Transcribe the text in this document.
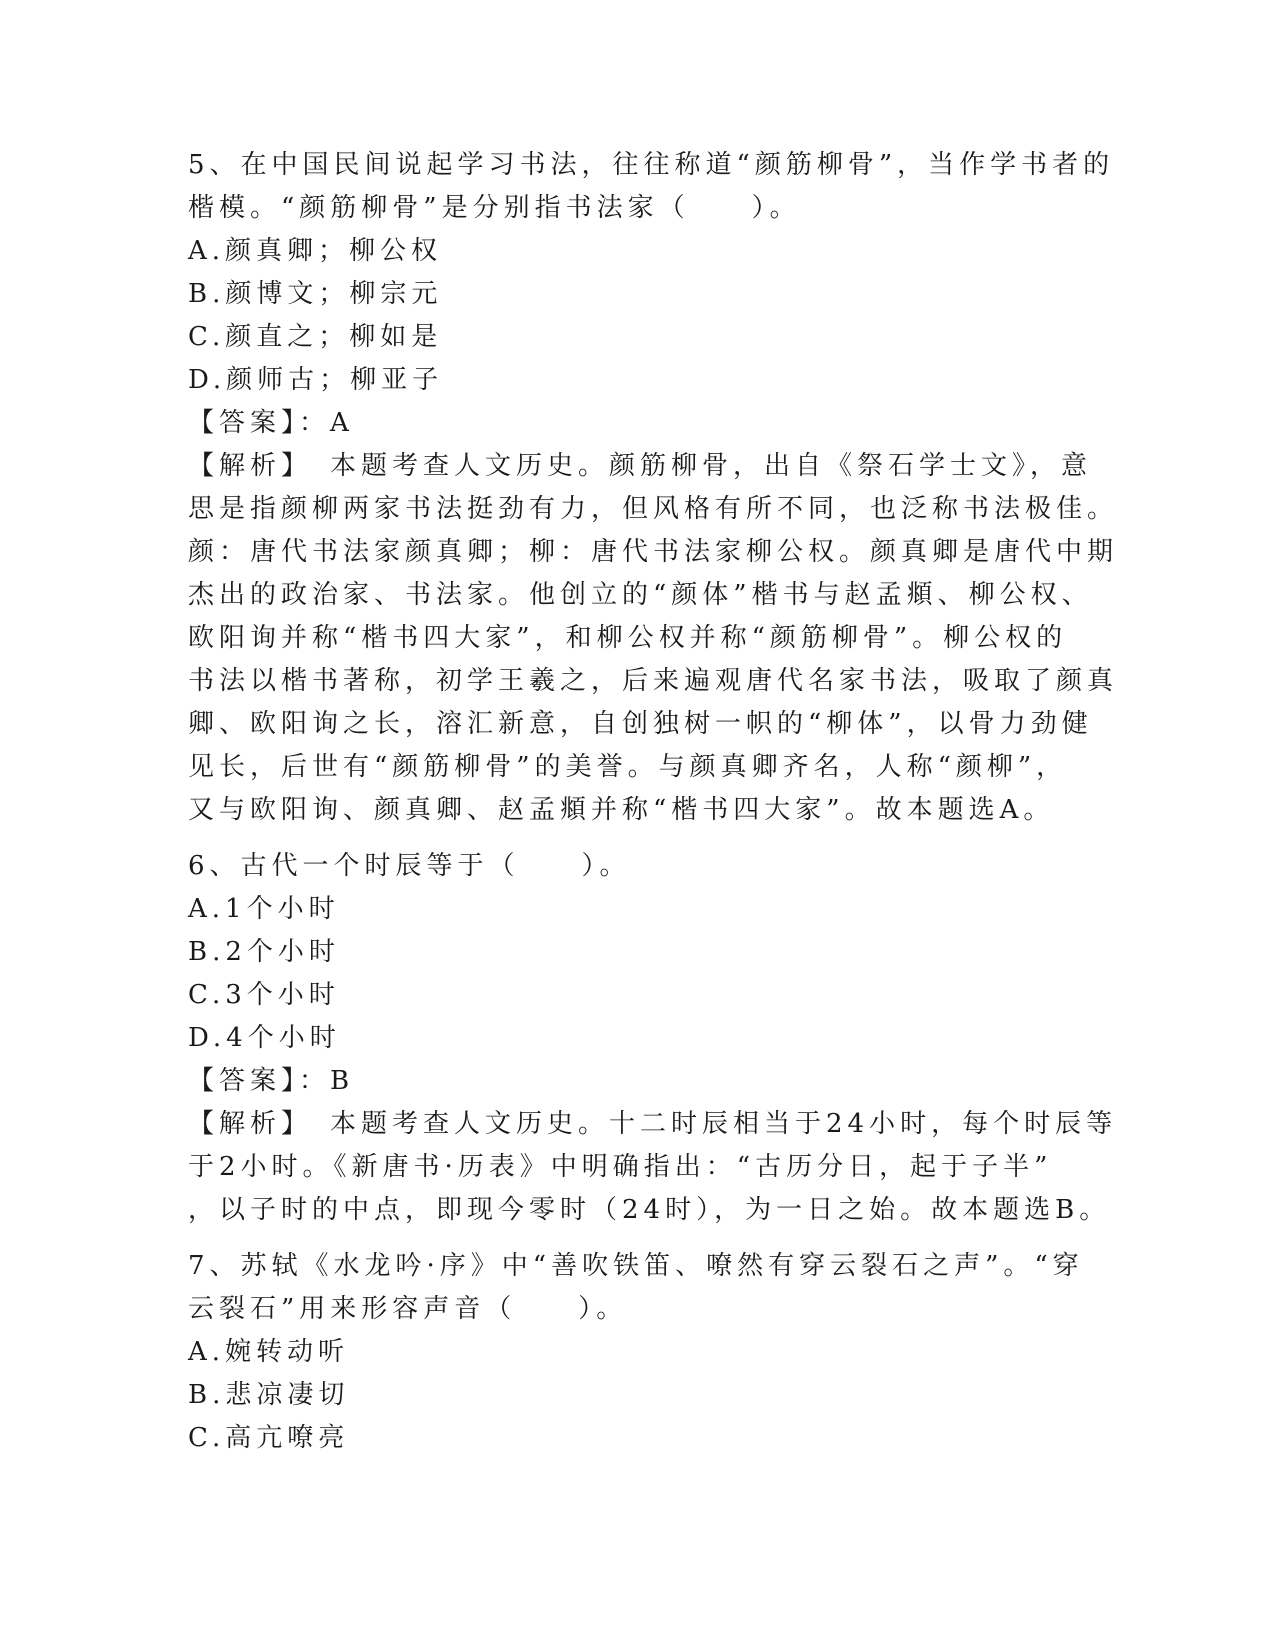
5、在中国民间说起学习书法，往往称道“颜筋柳骨”，当作学书者的

楷模。“颜筋柳骨”是分别指书法家（　　）。

A.颜真卿；柳公权

B.颜博文；柳宗元

C.颜直之；柳如是

D.颜师古；柳亚子

【答案】：A

【解析】　本题考查人文历史。颜筋柳骨，出自《祭石学士文》，意

思是指颜柳两家书法挺劲有力，但风格有所不同，也泛称书法极佳。

颜：唐代书法家颜真卿；柳：唐代书法家柳公权。颜真卿是唐代中期

杰出的政治家、书法家。他创立的“颜体”楷书与赵孟頫、柳公权、

欧阳询并称“楷书四大家”，和柳公权并称“颜筋柳骨”。柳公权的

书法以楷书著称，初学王羲之，后来遍观唐代名家书法，吸取了颜真

卿、欧阳询之长，溶汇新意，自创独树一帜的“柳体”，以骨力劲健

见长，后世有“颜筋柳骨”的美誉。与颜真卿齐名，人称“颜柳”，

又与欧阳询、颜真卿、赵孟頫并称“楷书四大家”。故本题选A。

6、古代一个时辰等于（　　）。

A.1个小时

B.2个小时

C.3个小时

D.4个小时

【答案】：B

【解析】　本题考查人文历史。十二时辰相当于24小时，每个时辰等

于2小时。《新唐书·历表》中明确指出：“古历分日，起于子半”

，以子时的中点，即现今零时（24时），为一日之始。故本题选B。

7、苏轼《水龙吟·序》中“善吹铁笛、嘹然有穿云裂石之声”。“穿

云裂石”用来形容声音（　　）。

A.婉转动听

B.悲凉凄切

C.高亢嘹亮
